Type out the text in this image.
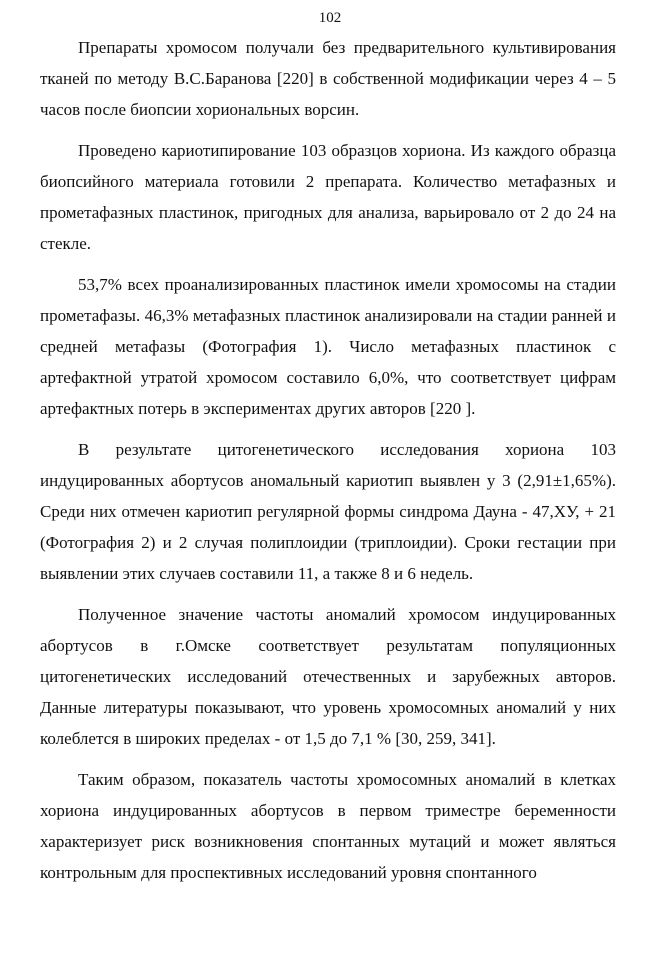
102

Препараты хромосом получали без предварительного культивирования тканей по методу В.С.Баранова [220] в собственной модификации через 4 – 5 часов после биопсии хориональных ворсин.

Проведено кариотипирование 103 образцов хориона. Из каждого образца биопсийного материала готовили 2 препарата. Количество метафазных и прометафазных пластинок, пригодных для анализа, варьировало от 2 до 24 на стекле.

53,7% всех проанализированных пластинок имели хромосомы на стадии прометафазы. 46,3% метафазных пластинок анализировали на стадии ранней и средней метафазы (Фотография 1). Число метафазных пластинок с артефактной утратой хромосом составило 6,0%, что соответствует цифрам артефактных потерь в экспериментах других авторов [220 ].

В результате цитогенетического исследования хориона 103 индуцированных абортусов аномальный кариотип выявлен у 3 (2,91±1,65%). Среди них отмечен кариотип регулярной формы синдрома Дауна - 47,ХУ, + 21 (Фотография 2) и 2 случая полиплоидии (триплоидии). Сроки гестации при выявлении этих случаев составили 11, а также 8 и 6 недель.

Полученное значение частоты аномалий хромосом индуцированных абортусов в г.Омске соответствует результатам популяционных цитогенетических исследований отечественных и зарубежных авторов. Данные литературы показывают, что уровень хромосомных аномалий у них колеблется в широких пределах - от 1,5 до 7,1 % [30, 259, 341].

Таким образом, показатель частоты хромосомных аномалий в клетках хориона индуцированных абортусов в первом триместре беременности характеризует риск возникновения спонтанных мутаций и может являться контрольным для проспективных исследований уровня спонтанного
